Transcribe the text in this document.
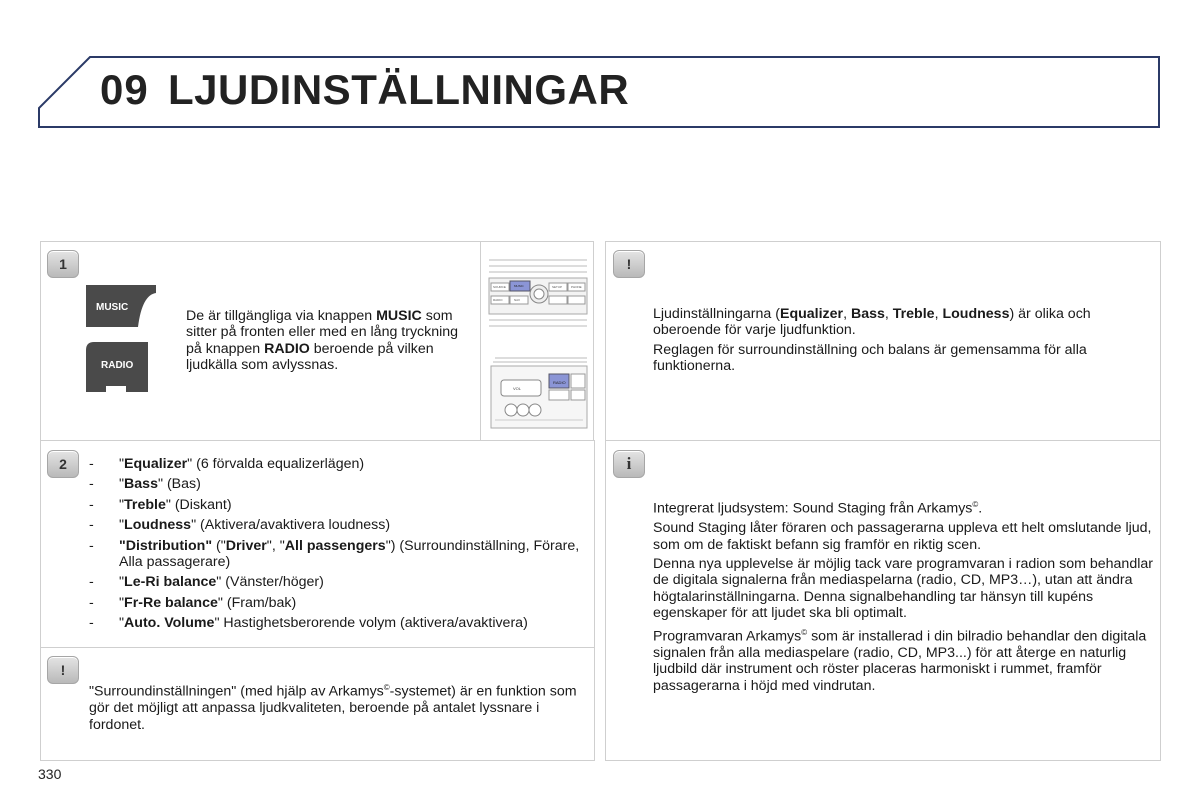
09 LJUDINSTÄLLNINGAR
1
MUSIC
RADIO
De är tillgängliga via knappen MUSIC som sitter på fronten eller med en lång tryckning på knappen RADIO beroende på vilken ljudkälla som avlyssnas.
SOURCE	MUSIC	SETUP	PHONE
RADIO	NAV
VOL
RADIO
2
-	"Equalizer" (6 förvalda equalizerlägen)
- "Bass" (Bas)
- "Treble" (Diskant)
- "Loudness" (Aktivera/avaktivera loudness)
- "Distribution" ("Driver", "All passengers") (Surroundinställning, Förare, Alla passagerare)
- "Le-Ri balance" (Vänster/höger)
- "Fr-Re balance" (Fram/bak)
- "Auto. Volume" Hastighetsberorende volym (aktivera/avaktivera)
!
"Surroundinställningen" (med hjälp av Arkamys©-systemet) är en funktion som gör det möjligt att anpassa ljudkvaliteten, beroende på antalet lyssnare i fordonet.
!

Ljudinställningarna (Equalizer, Bass, Treble, Loudness) är olika och oberoende för varje ljudfunktion.

Reglagen för surroundinställning och balans är gemensamma för alla funktionerna.

i

Integrerat ljudsystem: Sound Staging från Arkamys©.

Sound Staging låter föraren och passagerarna uppleva ett helt omslutande ljud, som om de faktiskt befann sig framför en riktig scen.

Denna nya upplevelse är möjlig tack vare programvaran i radion som behandlar de digitala signalerna från mediaspelarna (radio, CD, MP3…), utan att ändra högtalarinställningarna. Denna signalbehandling tar hänsyn till kupéns egenskaper för att ljudet ska bli optimalt.

Programvaran Arkamys© som är installerad i din bilradio behandlar den digitala signalen från alla mediaspelare (radio, CD, MP3...) för att återge en naturlig ljudbild där instrument och röster placeras harmoniskt i rummet, framför passagerarna i höjd med vindrutan.

330
